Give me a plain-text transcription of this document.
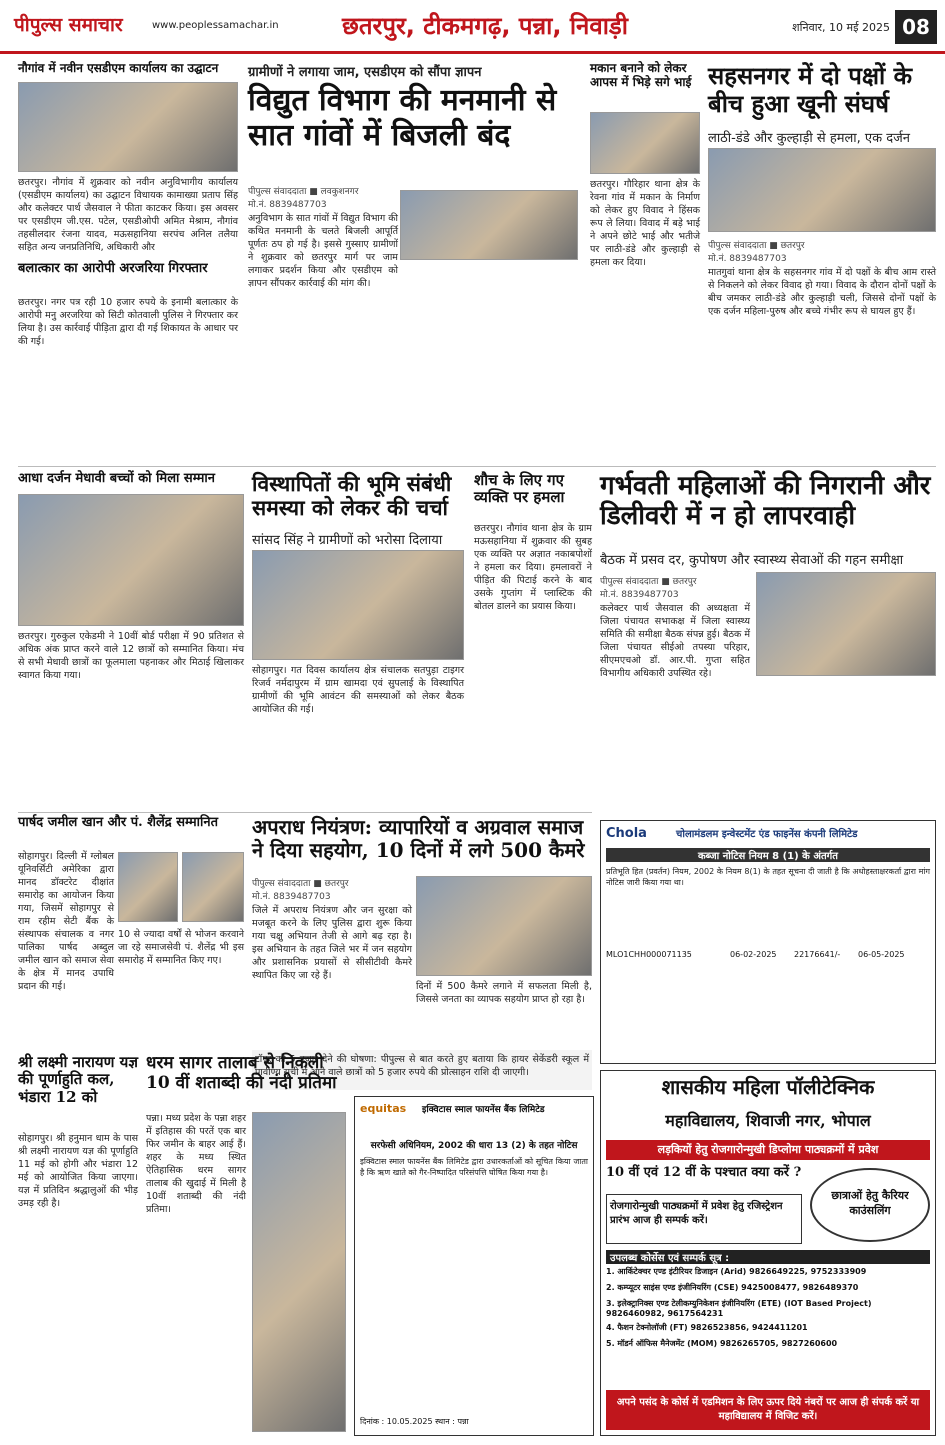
पीपुल्स समाचार	www.peoplessamachar.in	छतरपुर, टीकमगढ़, पन्ना, निवाड़ी	शनिवार, 10 मई 2025 08
नौगांव में नवीन एसडीएम कार्यालय का उद्घाटन
छतरपुर। नौगांव में शुक्रवार को नवीन अनुविभागीय कार्यालय (एसडीएम कार्यालय) का उद्घाटन विधायक कामाख्या प्रताप सिंह और कलेक्टर पार्थ जैसवाल ने फीता काटकर किया। इस अवसर पर एसडीएम जी.एस. पटेल, एसडीओपी अमित मेश्राम, नौगांव तहसीलदार रंजना यादव, मऊसहानिया सरपंच अनिल तलैया सहित अन्य जनप्रतिनिधि, अधिकारी और
ग्रामीणों ने लगाया जाम, एसडीएम को सौंपा ज्ञापन
विद्युत विभाग की मनमानी से सात गांवों में बिजली बंद
पीपुल्स संवाददाता ■ लवकुशनगर
मो.नं. 8839487703
अनुविभाग के सात गांवों में विद्युत विभाग की कथित मनमानी के चलते बिजली आपूर्ति पूर्णतः ठप हो गई है। इससे गुस्साए ग्रामीणों ने शुक्रवार को छतरपुर मार्ग पर जाम लगाकर प्रदर्शन किया और एसडीएम को ज्ञापन सौंपकर कार्रवाई की मांग की।
मकान बनाने को लेकर आपस में भिड़े सगे भाई
छतरपुर। गौरिहार थाना क्षेत्र के रेवना गांव में मकान के निर्माण को लेकर हुए विवाद ने हिंसक रूप ले लिया। विवाद में बड़े भाई ने अपने छोटे भाई और भतीजे पर लाठी-डंडे और कुल्हाड़ी से हमला कर दिया।
सहसनगर में दो पक्षों के बीच हुआ खूनी संघर्ष
लाठी-डंडे और कुल्हाड़ी से हमला, एक दर्जन
पीपुल्स संवाददाता ■ छतरपुर
मो.नं. 8839487703
मातगुवां थाना क्षेत्र के सहसनगर गांव में दो पक्षों के बीच आम रास्ते से निकलने को लेकर विवाद हो गया। विवाद के दौरान दोनों पक्षों के बीच जमकर लाठी-डंडे और कुल्हाड़ी चली, जिससे दोनों पक्षों के एक दर्जन महिला-पुरुष और बच्चे गंभीर रूप से घायल हुए हैं।
बलात्कार का आरोपी अरजरिया गिरफ्तार
छतरपुर। नगर पत्र रही 10 हजार रुपये के इनामी बलात्कार के आरोपी मनु अरजरिया को सिटी कोतवाली पुलिस ने गिरफ्तार कर लिया है। उस कार्रवाई पीड़िता द्वारा दी गई शिकायत के आधार पर की गई।
आधा दर्जन मेधावी बच्चों को मिला सम्मान
छतरपुर। गुरुकुल एकेडमी ने 10वीं बोर्ड परीक्षा में 90 प्रतिशत से अधिक अंक प्राप्त करने वाले 12 छात्रों को सम्मानित किया। मंच से सभी मेधावी छात्रों का फूलमाला पहनाकर और मिठाई खिलाकर स्वागत किया गया।
विस्थापितों की भूमि संबंधी समस्या को लेकर की चर्चा
सांसद सिंह ने ग्रामीणों को भरोसा दिलाया
सोहागपुर। गत दिवस कार्यालय क्षेत्र संचालक सतपुड़ा टाइगर रिजर्व नर्मदापुरम में ग्राम खामदा एवं सुपलाई के विस्थापित ग्रामीणों की भूमि आवंटन की समस्याओं को लेकर बैठक आयोजित की गई।
शौच के लिए गए व्यक्ति पर हमला
छतरपुर। नौगांव थाना क्षेत्र के ग्राम मऊसहानिया में शुक्रवार की सुबह एक व्यक्ति पर अज्ञात नकाबपोशों ने हमला कर दिया। हमलावरों ने पीड़ित की पिटाई करने के बाद उसके गुप्तांग में प्लास्टिक की बोतल डालने का प्रयास किया।
गर्भवती महिलाओं की निगरानी और डिलीवरी में न हो लापरवाही
बैठक में प्रसव दर, कुपोषण और स्वास्थ्य सेवाओं की गहन समीक्षा
पीपुल्स संवाददाता ■ छतरपुर
मो.नं. 8839487703
कलेक्टर पार्थ जैसवाल की अध्यक्षता में जिला पंचायत सभाकक्ष में जिला स्वास्थ्य समिति की समीक्षा बैठक संपन्न हुई। बैठक में जिला पंचायत सीईओ तपस्या परिहार, सीएमएचओ डॉ. आर.पी. गुप्ता सहित विभागीय अधिकारी उपस्थित रहे।
पार्षद जमील खान और पं. शैलेंद्र सम्मानित
सोहागपुर। दिल्ली में ग्लोबल यूनिवर्सिटी अमेरिका द्वारा मानद डॉक्टरेट दीक्षांत समारोह का आयोजन किया गया, जिसमें सोहागपुर से राम रहीम सेटी बैंक के संस्थापक संचालक व नगर पालिका पार्षद अब्दुल जमील खान को समाज सेवा के क्षेत्र में मानद उपाधि प्रदान की गई।
10 से ज्यादा वर्षों से भोजन करवाने जा रहे समाजसेवी पं. शैलेंद्र भी इस समारोह में सम्मानित किए गए।
अपराध नियंत्रण: व्यापारियों व अग्रवाल समाज ने दिया सहयोग, 10 दिनों में लगे 500 कैमरे
पीपुल्स संवाददाता ■ छतरपुर
मो.नं. 8839487703
जिले में अपराध नियंत्रण और जन सुरक्षा को मजबूत करने के लिए पुलिस द्वारा शुरू किया गया चक्षु अभियान तेजी से आगे बढ़ रहा है। इस अभियान के तहत जिले भर में जन सहयोग और प्रशासनिक प्रयासों से सीसीटीवी कैमरे स्थापित किए जा रहे हैं।
दिनों में 500 कैमरे लगाने में सफलता मिली है, जिससे जनता का व्यापक सहयोग प्राप्त हो रहा है।
टॉपर को 5 हजार देने की घोषणा: पीपुल्स से बात करते हुए बताया कि हायर सेकेंडरी स्कूल में प्रावीण्य सूची में आने वाले छात्रों को 5 हजार रुपये की प्रोत्साहन राशि दी जाएगी।
श्री लक्ष्मी नारायण यज्ञ की पूर्णाहुति कल, भंडारा 12 को
सोहागपुर। श्री हनुमान धाम के पास श्री लक्ष्मी नारायण यज्ञ की पूर्णाहुति 11 मई को होगी और भंडारा 12 मई को आयोजित किया जाएगा। यज्ञ में प्रतिदिन श्रद्धालुओं की भीड़ उमड़ रही है।
धरम सागर तालाब से निकली 10 वीं शताब्दी की नंदी प्रतिमा
पन्ना। मध्य प्रदेश के पन्ना शहर में इतिहास की परतें एक बार फिर जमीन के बाहर आई हैं। शहर के मध्य स्थित ऐतिहासिक धरम सागर तालाब की खुदाई में मिली है 10वीं शताब्दी की नंदी प्रतिमा।
Chola	चोलामंडलम इन्वेस्टमेंट एंड फाइनेंस कंपनी लिमिटेड
कब्जा नोटिस नियम 8 (1) के अंतर्गत
प्रतिभूति हित (प्रवर्तन) नियम, 2002 के नियम 8(1) के तहत सूचना दी जाती है कि अधोहस्ताक्षरकर्ता द्वारा मांग नोटिस जारी किया गया था।
MLO1CHH000071135	06-02-2025	22176641/-	06-05-2025
शासकीय महिला पॉलीटेक्निक
महाविद्यालय, शिवाजी नगर, भोपाल
लड़कियों हेतु रोजगारोन्मुखी डिप्लोमा पाठ्यक्रमों में प्रवेश
10 वीं एवं 12 वीं के पश्चात क्या करें ?
रोजगारोन्मुखी पाठ्यक्रमों में प्रवेश हेतु रजिस्ट्रेशन प्रारंभ आज ही सम्पर्क करें।
छात्राओं हेतु कैरियर काउंसलिंग
उपलब्ध कोर्सेस एवं सम्पर्क सूत्र :
1. आर्किटेक्चर एण्ड इंटीरियर डिजाइन (Arid) 9826649225, 9752333909
2. कम्प्यूटर साइंस एण्ड इंजीनियरिंग (CSE) 9425008477, 9826489370
3. इलेक्ट्रानिक्स एण्ड टेलीकम्युनिकेशन इंजीनियरिंग (ETE) (IOT Based Project) 9826460982, 9617564231
4. फैशन टेक्नोलॉजी (FT) 9826523856, 9424411201
5. मॉडर्न ऑफिस मैनेजमेंट (MOM) 9826265705, 9827260600
अपने पसंद के कोर्स में एडमिशन के लिए ऊपर दिये नंबरों पर आज ही संपर्क करें या महाविद्यालय में विजिट करें।
equitas	इक्विटास स्माल फायनेंस बैंक लिमिटेड
सरफेसी अधिनियम, 2002 की धारा 13 (2) के तहत नोटिस
इक्विटास स्माल फायनेंस बैंक लिमिटेड द्वारा उधारकर्ताओं को सूचित किया जाता है कि ऋण खाते को गैर-निष्पादित परिसंपत्ति घोषित किया गया है।
दिनांक : 10.05.2025 स्थान : पन्ना
